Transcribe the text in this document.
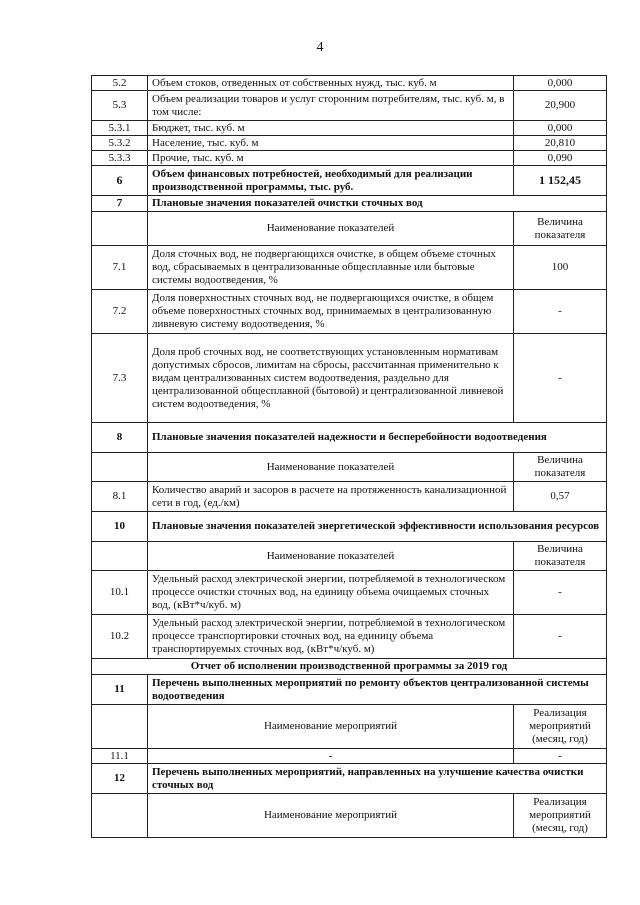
4
5.2	Объем стоков, отведенных от собственных нужд, тыс. куб. м	0,000
5.3	Объем реализации товаров и услуг сторонним потребителям, тыс. куб. м, в том числе:	20,900
5.3.1	Бюджет, тыс. куб. м	0,000
5.3.2	Население, тыс. куб. м	20,810
5.3.3	Прочие, тыс. куб. м	0,090
6	Объем финансовых потребностей, необходимый для реализации производственной программы, тыс. руб.	1 152,45
7	Плановые значения показателей очистки сточных вод	
	Наименование показателей	Величина показателя
7.1	Доля сточных вод, не подвергающихся очистке, в общем объеме сточных вод, сбрасываемых в централизованные общесплавные или бытовые системы водоотведения, %	100
7.2	Доля поверхностных сточных вод, не подвергающихся очистке, в общем объеме поверхностных сточных вод, принимаемых в централизованную ливневую систему водоотведения, %	-
7.3	Доля проб сточных вод, не соответствующих установленным нормативам допустимых сбросов, лимитам на сбросы, рассчитанная применительно к видам централизованных систем водоотведения, раздельно для централизованной общесплавной (бытовой) и централизованной ливневой систем водоотведения, %	-
8	Плановые значения показателей надежности и бесперебойности водоотведения	
	Наименование показателей	Величина показателя
8.1	Количество аварий и засоров в расчете на протяженность канализационной сети в год, (ед./км)	0,57
10	Плановые значения показателей энергетической эффективности использования ресурсов	
	Наименование показателей	Величина показателя
10.1	Удельный расход электрической энергии, потребляемой в технологическом процессе очистки сточных вод, на единицу объема очищаемых сточных вод, (кВт*ч/куб. м)	-
10.2	Удельный расход электрической энергии, потребляемой в технологическом процессе транспортировки сточных вод, на единицу объема транспортируемых сточных вод, (кВт*ч/куб. м)	-
Отчет об исполнении производственной программы за 2019 год		
11	Перечень выполненных мероприятий по ремонту объектов централизованной системы водоотведения	
	Наименование мероприятий	Реализация мероприятий (месяц, год)
11.1	-	-
12	Перечень выполненных мероприятий, направленных на улучшение качества очистки сточных вод	
	Наименование мероприятий	Реализация мероприятий (месяц, год)
